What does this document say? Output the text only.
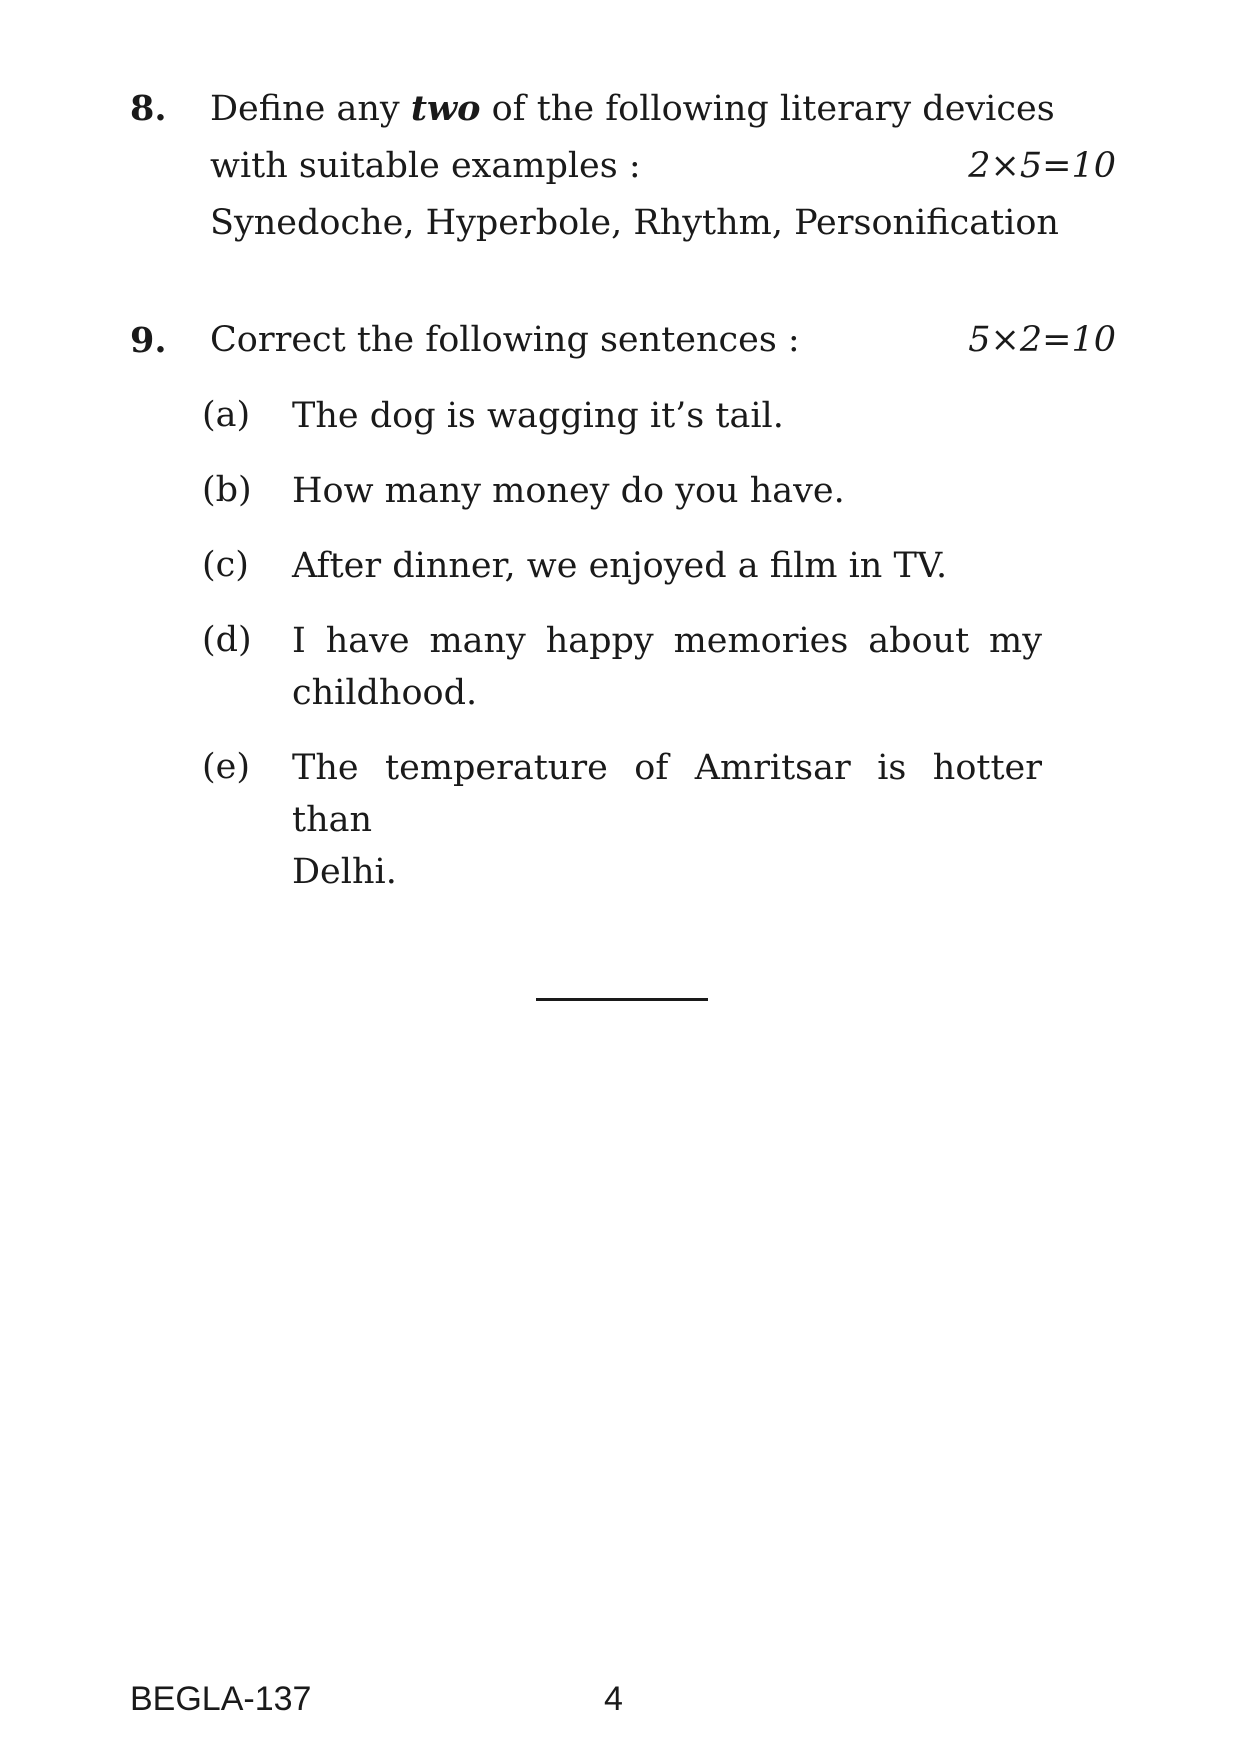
8. Define any two of the following literary devices
with suitable examples :	2×5=10
Synedoche, Hyperbole, Rhythm, Personification
9. Correct the following sentences :	5×2=10
(a) The dog is wagging it’s tail.
(b) How many money do you have.
(c) After dinner, we enjoyed a film in TV.
(d) I have many happy memories about my
childhood.
(e) The temperature of Amritsar is hotter than
Delhi.
BEGLA-137	4
